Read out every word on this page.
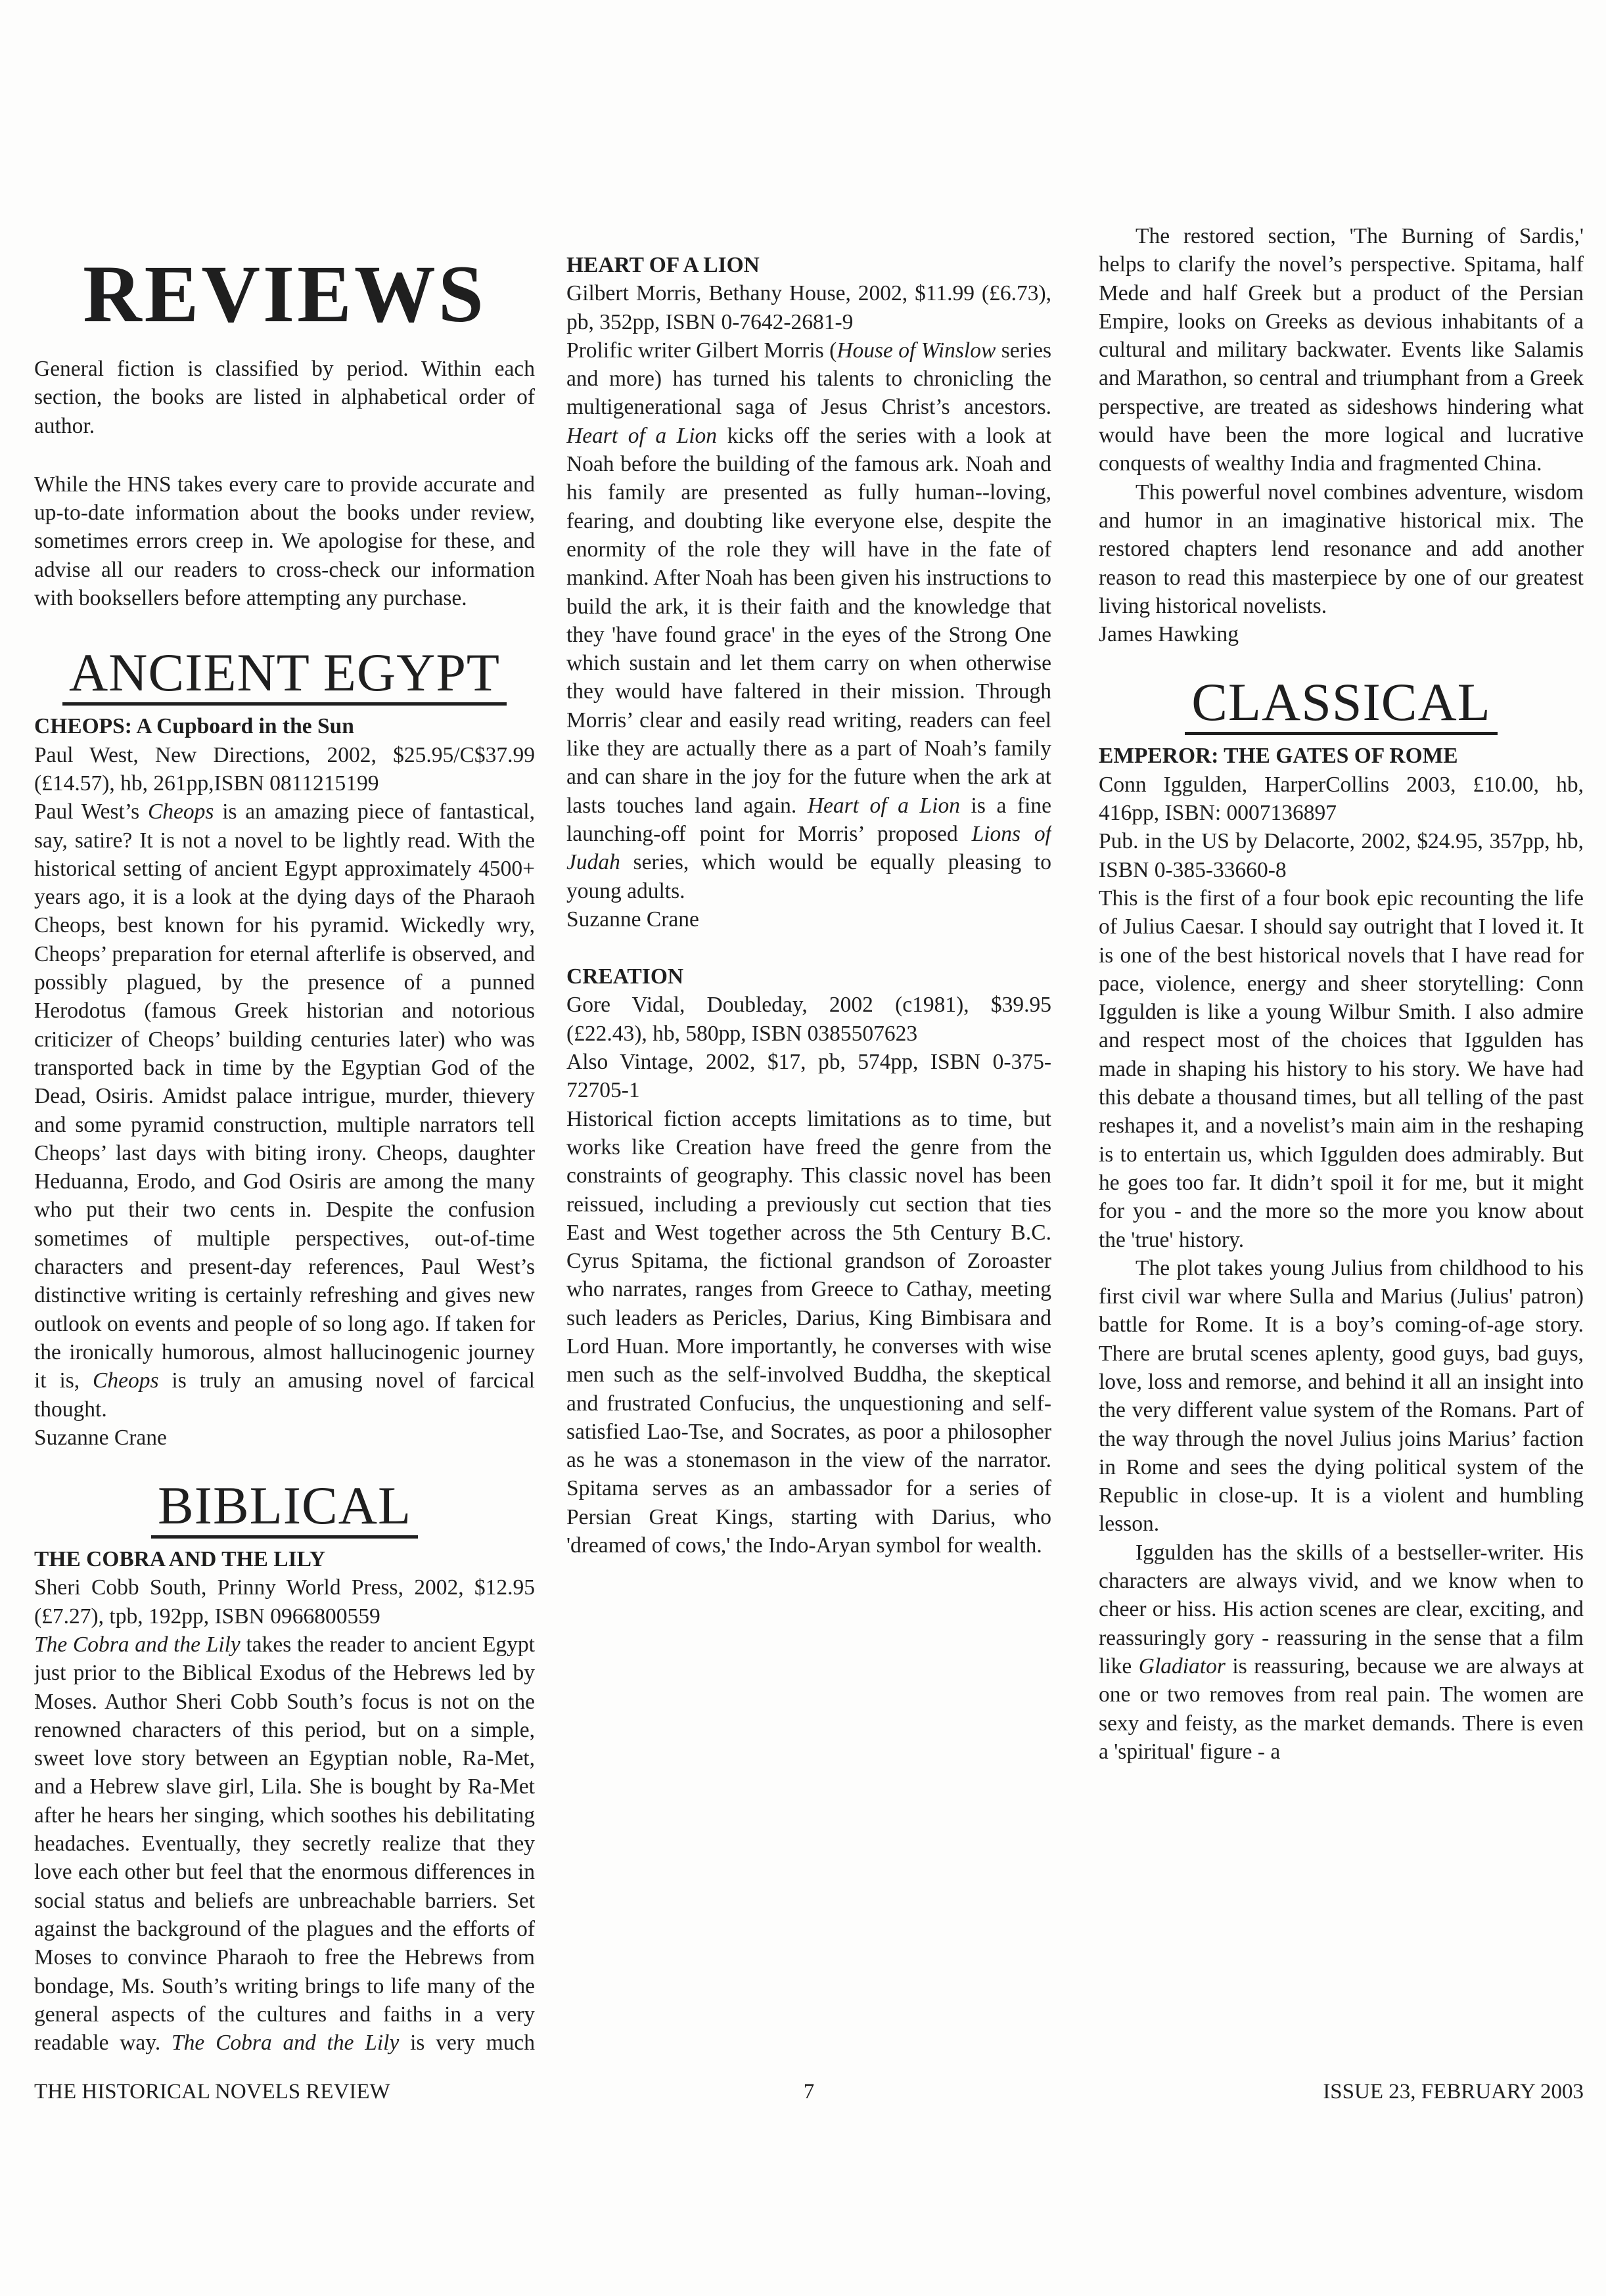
REVIEWS

General fiction is classified by period. Within each section, the books are listed in alphabetical order of author.

While the HNS takes every care to provide accurate and up-to-date information about the books under review, sometimes errors creep in. We apologise for these, and advise all our readers to cross-check our information with booksellers before attempting any purchase.

ANCIENT EGYPT
CHEOPS: A Cupboard in the Sun

Paul West, New Directions, 2002, $25.95/C$37.99 (£14.57), hb, 261pp,ISBN 0811215199

Paul West’s Cheops is an amazing piece of fantastical, say, satire? It is not a novel to be lightly read. With the historical setting of ancient Egypt approximately 4500+ years ago, it is a look at the dying days of the Pharaoh Cheops, best known for his pyramid. Wickedly wry, Cheops’ preparation for eternal afterlife is observed, and possibly plagued, by the presence of a punned Herodotus (famous Greek historian and notorious criticizer of Cheops’ building centuries later) who was transported back in time by the Egyptian God of the Dead, Osiris. Amidst palace intrigue, murder, thievery and some pyramid construction, multiple narrators tell Cheops’ last days with biting irony. Cheops, daughter Heduanna, Erodo, and God Osiris are among the many who put their two cents in. Despite the confusion sometimes of multiple perspectives, out-of-time characters and present-day references, Paul West’s distinctive writing is certainly refreshing and gives new outlook on events and people of so long ago. If taken for the ironically humorous, almost hallucinogenic journey it is, Cheops is truly an amusing novel of farcical thought.

Suzanne Crane
BIBLICAL
THE COBRA AND THE LILY

Sheri Cobb South, Prinny World Press, 2002, $12.95 (£7.27), tpb, 192pp, ISBN 0966800559

The Cobra and the Lily takes the reader to ancient Egypt just prior to the Biblical Exodus of the Hebrews led by Moses. Author Sheri Cobb South’s focus is not on the renowned characters of this period, but on a simple, sweet love story between an Egyptian noble, Ra-Met, and a Hebrew slave girl, Lila. She is bought by Ra-Met after he hears her singing, which soothes his debilitating headaches. Eventually, they secretly realize that they love each other but feel that the enormous differences in social status and beliefs are unbreachable barriers. Set against the background of the plagues and the efforts of Moses to convince Pharaoh to free the Hebrews from bondage, Ms. South’s writing brings to life many of the general aspects of the cultures and faiths in a very readable way. The Cobra and the Lily is very much

HEART OF A LION

Gilbert Morris, Bethany House, 2002, $11.99 (£6.73), pb, 352pp, ISBN 0-7642-2681-9

Prolific writer Gilbert Morris (House of Winslow series and more) has turned his talents to chronicling the multigenerational saga of Jesus Christ’s ancestors. Heart of a Lion kicks off the series with a look at Noah before the building of the famous ark. Noah and his family are presented as fully human--loving, fearing, and doubting like everyone else, despite the enormity of the role they will have in the fate of mankind. After Noah has been given his instructions to build the ark, it is their faith and the knowledge that they 'have found grace' in the eyes of the Strong One which sustain and let them carry on when otherwise they would have faltered in their mission. Through Morris’ clear and easily read writing, readers can feel like they are actually there as a part of Noah’s family and can share in the joy for the future when the ark at lasts touches land again. Heart of a Lion is a fine launching-off point for Morris’ proposed Lions of Judah series, which would be equally pleasing to young adults.

Suzanne Crane
CREATION

Gore Vidal, Doubleday, 2002 (c1981), $39.95 (£22.43), hb, 580pp, ISBN 0385507623

Also Vintage, 2002, $17, pb, 574pp, ISBN 0-375-72705-1

Historical fiction accepts limitations as to time, but works like Creation have freed the genre from the constraints of geography. This classic novel has been reissued, including a previously cut section that ties East and West together across the 5th Century B.C. Cyrus Spitama, the fictional grandson of Zoroaster who narrates, ranges from Greece to Cathay, meeting such leaders as Pericles, Darius, King Bimbisara and Lord Huan. More importantly, he converses with wise men such as the self-involved Buddha, the skeptical and frustrated Confucius, the unquestioning and self-satisfied Lao-Tse, and Socrates, as poor a philosopher as he was a stonemason in the view of the narrator. Spitama serves as an ambassador for a series of Persian Great Kings, starting with Darius, who 'dreamed of cows,' the Indo-Aryan symbol for wealth.

The restored section, 'The Burning of Sardis,' helps to clarify the novel’s perspective. Spitama, half Mede and half Greek but a product of the Persian Empire, looks on Greeks as devious inhabitants of a cultural and military backwater. Events like Salamis and Marathon, so central and triumphant from a Greek perspective, are treated as sideshows hindering what would have been the more logical and lucrative conquests of wealthy India and fragmented China.

This powerful novel combines adventure, wisdom and humor in an imaginative historical mix. The restored chapters lend resonance and add another reason to read this masterpiece by one of our greatest living historical novelists.

James Hawking
CLASSICAL
EMPEROR: THE GATES OF ROME

Conn Iggulden, HarperCollins 2003, £10.00, hb, 416pp, ISBN: 0007136897

Pub. in the US by Delacorte, 2002, $24.95, 357pp, hb, ISBN 0-385-33660-8

This is the first of a four book epic recounting the life of Julius Caesar. I should say outright that I loved it. It is one of the best historical novels that I have read for pace, violence, energy and sheer storytelling: Conn Iggulden is like a young Wilbur Smith. I also admire and respect most of the choices that Iggulden has made in shaping his history to his story. We have had this debate a thousand times, but all telling of the past reshapes it, and a novelist’s main aim in the reshaping is to entertain us, which Iggulden does admirably. But he goes too far. It didn’t spoil it for me, but it might for you - and the more so the more you know about the 'true' history.

The plot takes young Julius from childhood to his first civil war where Sulla and Marius (Julius' patron) battle for Rome. It is a boy’s coming-of-age story. There are brutal scenes aplenty, good guys, bad guys, love, loss and remorse, and behind it all an insight into the very different value system of the Romans. Part of the way through the novel Julius joins Marius’ faction in Rome and sees the dying political system of the Republic in close-up. It is a violent and humbling lesson.

Iggulden has the skills of a bestseller-writer. His characters are always vivid, and we know when to cheer or hiss. His action scenes are clear, exciting, and reassuringly gory - reassuring in the sense that a film like Gladiator is reassuring, because we are always at one or two removes from real pain. The women are sexy and feisty, as the market demands. There is even a 'spiritual' figure - a

THE HISTORICAL NOVELS REVIEW	7	ISSUE 23, FEBRUARY 2003
